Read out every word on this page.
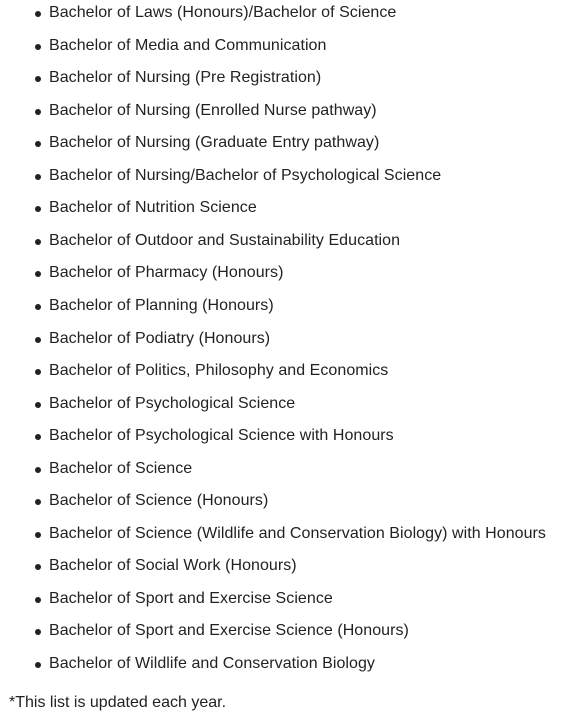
Bachelor of Laws (Honours)/Bachelor of Science
Bachelor of Media and Communication
Bachelor of Nursing (Pre Registration)
Bachelor of Nursing (Enrolled Nurse pathway)
Bachelor of Nursing (Graduate Entry pathway)
Bachelor of Nursing/Bachelor of Psychological Science
Bachelor of Nutrition Science
Bachelor of Outdoor and Sustainability Education
Bachelor of Pharmacy (Honours)
Bachelor of Planning (Honours)
Bachelor of Podiatry (Honours)
Bachelor of Politics, Philosophy and Economics
Bachelor of Psychological Science
Bachelor of Psychological Science with Honours
Bachelor of Science
Bachelor of Science (Honours)
Bachelor of Science (Wildlife and Conservation Biology) with Honours
Bachelor of Social Work (Honours)
Bachelor of Sport and Exercise Science
Bachelor of Sport and Exercise Science (Honours)
Bachelor of Wildlife and Conservation Biology

*This list is updated each year.
